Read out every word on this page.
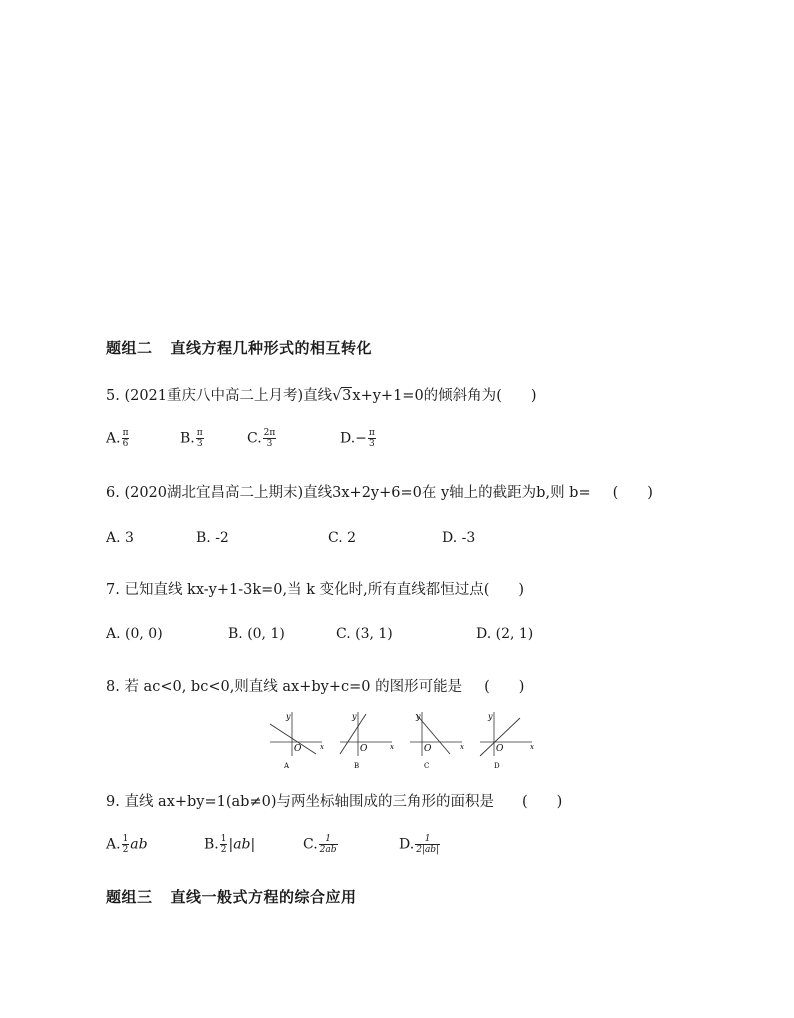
题组二 直线方程几种形式的相互转化
5. (2021重庆八中高二上月考)直线 √ 3x+y+1=0的倾斜角为(　　)
A. $\frac{\pi}{6}$	B. $\frac{\pi}{3}$	C. $\frac{2\pi}{3}$	$D.- \frac{\pi}{3}$
6. (2020湖北宜昌高二上期末)直线3x+2y+6=0在 y轴上的截距为b,则 b= (　　)
A. 3	B. -2	C. 2	D. -3
7. 已知直线 kx-y+1-3k=0,当 k 变化时,所有直线都恒过点(　　)
A. (0, 0)	B. (0, 1)	C. (3, 1)	D. (2, 1)
8. 若 ac<0, bc<0,则直线 ax+by+c=0 的图形可能是 (　　)
y
O	x
A
y
O	x
B
y
O	x
C
y
O	x
D
9. 直线 ax+by=1(ab≠0)与两坐标轴围成的三角形的面积是 (　　)
A. $\frac{1}{2}$ ab	B. $\frac{1}{2} |ab|$	C. $\frac{1}{2ab}$	D. $\frac{1}{2|ab|}$
题组三 直线一般式方程的综合应用
